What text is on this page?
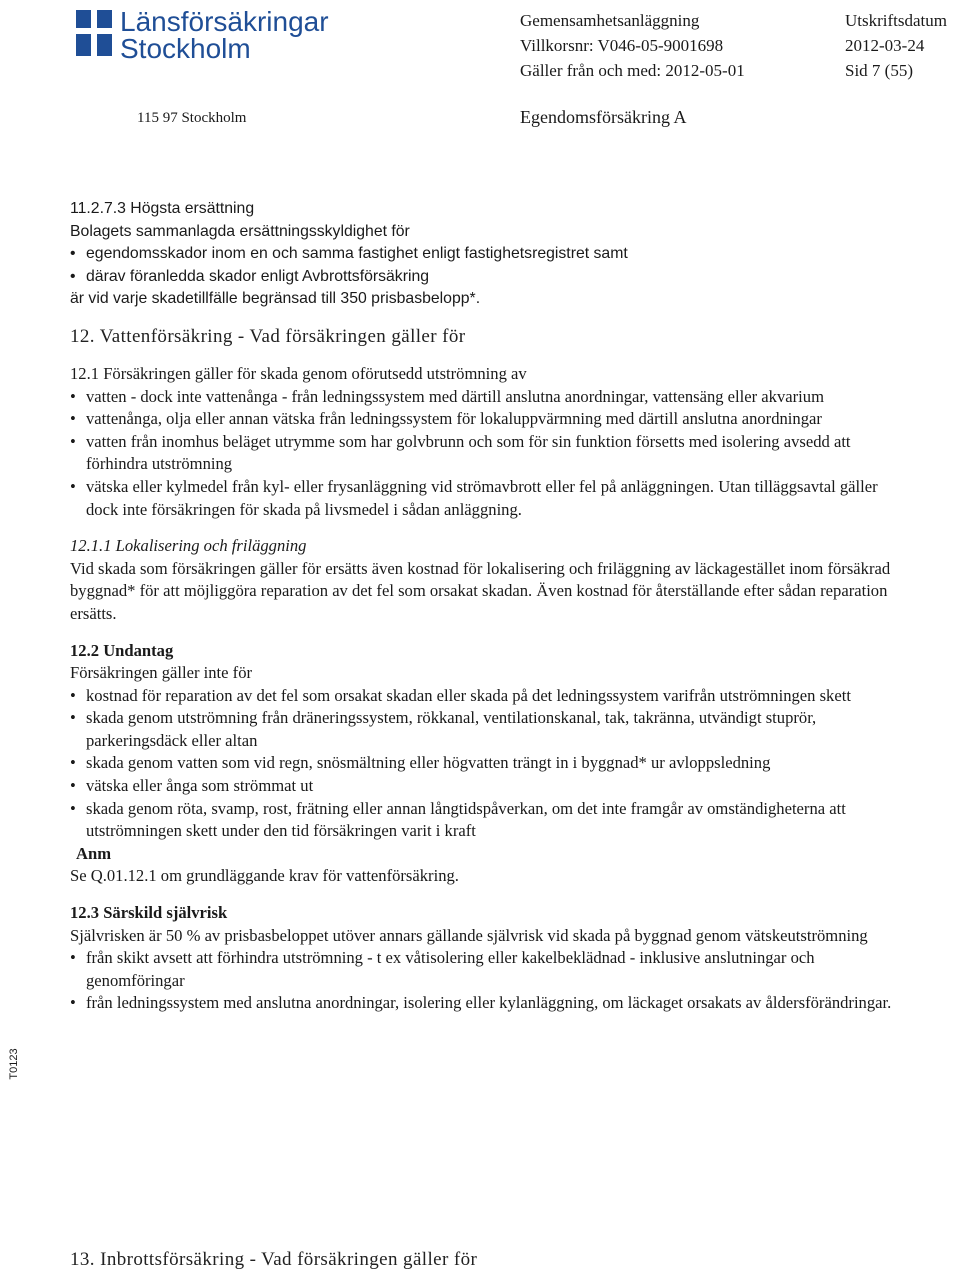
Länsförsäkringar
Stockholm
Gemensamhetsanläggning
Villkorsnr: V046-05-9001698
Gäller från och med: 2012-05-01
Utskriftsdatum
2012-03-24
Sid 7 (55)
115 97 Stockholm	Egendomsförsäkring A
T0123

11.2.7.3 Högsta ersättning

Bolagets sammanlagda ersättningsskyldighet för

• egendomsskador inom en och samma fastighet enligt fastighetsregistret samt
• därav föranledda skador enligt Avbrottsförsäkring

är vid varje skadetillfälle begränsad till 350 prisbasbelopp*.

12. Vattenförsäkring - Vad försäkringen gäller för

12.1 Försäkringen gäller för skada genom oförutsedd utströmning av

• vatten - dock inte vattenånga - från ledningssystem med därtill anslutna anordningar, vattensäng eller akvarium
• vattenånga, olja eller annan vätska från ledningssystem för lokaluppvärmning med därtill anslutna anordningar
• vatten från inomhus beläget utrymme som har golvbrunn och som för sin funktion försetts med isolering avsedd att förhindra utströmning
• vätska eller kylmedel från kyl- eller frysanläggning vid strömavbrott eller fel på anläggningen. Utan tilläggsavtal gäller dock inte försäkringen för skada på livsmedel i sådan anläggning.

12.1.1 Lokalisering och friläggning

Vid skada som försäkringen gäller för ersätts även kostnad för lokalisering och friläggning av läckagestället inom försäkrad byggnad* för att möjliggöra reparation av det fel som orsakat skadan. Även kostnad för återställande efter sådan reparation ersätts.

12.2 Undantag

Försäkringen gäller inte för

• kostnad för reparation av det fel som orsakat skadan eller skada på det ledningssystem varifrån utströmningen skett
• skada genom utströmning från dräneringssystem, rökkanal, ventilationskanal, tak, takränna, utvändigt stuprör, parkeringsdäck eller altan
• skada genom vatten som vid regn, snösmältning eller högvatten trängt in i byggnad* ur avloppsledning
• vätska eller ånga som strömmat ut
• skada genom röta, svamp, rost, frätning eller annan långtidspåverkan, om det inte framgår av omständigheterna att utströmningen skett under den tid försäkringen varit i kraft

Anm

Se Q.01.12.1 om grundläggande krav för vattenförsäkring.

12.3 Särskild självrisk

Självrisken är 50 % av prisbasbeloppet utöver annars gällande självrisk vid skada på byggnad genom vätskeutströmning

• från skikt avsett att förhindra utströmning - t ex våtisolering eller kakelbeklädnad - inklusive anslutningar och genomföringar
• från ledningssystem med anslutna anordningar, isolering eller kylanläggning, om läckaget orsakats av åldersförändringar.
13. Inbrottsförsäkring - Vad försäkringen gäller för
